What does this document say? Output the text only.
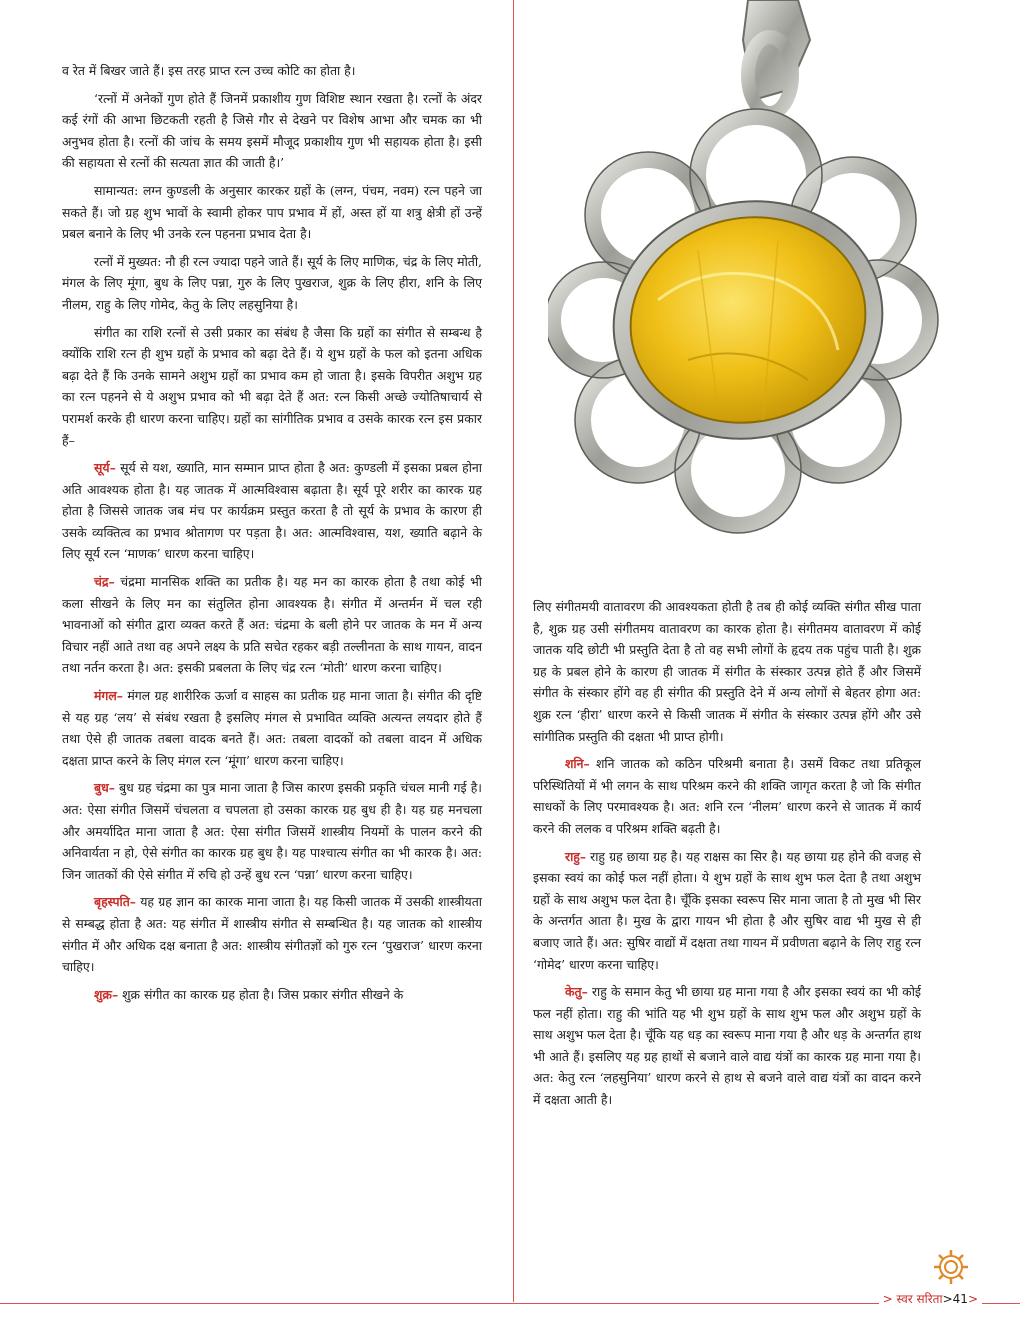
व रेत में बिखर जाते हैं। इस तरह प्राप्त रत्न उच्च कोटि का होता है।

‘रत्नों में अनेकों गुण होते हैं जिनमें प्रकाशीय गुण विशिष्ट स्थान रखता है। रत्नों के अंदर कई रंगों की आभा छिटकती रहती है जिसे गौर से देखने पर विशेष आभा और चमक का भी अनुभव होता है। रत्नों की जांच के समय इसमें मौजूद प्रकाशीय गुण भी सहायक होता है। इसी की सहायता से रत्नों की सत्यता ज्ञात की जाती है।’

सामान्यत: लग्न कुण्डली के अनुसार कारकर ग्रहों के (लग्न, पंचम, नवम) रत्न पहने जा सकते हैं। जो ग्रह शुभ भावों के स्वामी होकर पाप प्रभाव में हों, अस्त हों या शत्रु क्षेत्री हों उन्हें प्रबल बनाने के लिए भी उनके रत्न पहनना प्रभाव देता है।

रत्नों में मुख्यत: नौ ही रत्न ज्यादा पहने जाते हैं। सूर्य के लिए माणिक, चंद्र के लिए मोती, मंगल के लिए मूंगा, बुध के लिए पन्ना, गुरु के लिए पुखराज, शुक्र के लिए हीरा, शनि के लिए नीलम, राहु के लिए गोमेद, केतु के लिए लहसुनिया है।

संगीत का राशि रत्नों से उसी प्रकार का संबंध है जैसा कि ग्रहों का संगीत से सम्बन्ध है क्योंकि राशि रत्न ही शुभ ग्रहों के प्रभाव को बढ़ा देते हैं। ये शुभ ग्रहों के फल को इतना अधिक बढ़ा देते हैं कि उनके सामने अशुभ ग्रहों का प्रभाव कम हो जाता है। इसके विपरीत अशुभ ग्रह का रत्न पहनने से ये अशुभ प्रभाव को भी बढ़ा देते हैं अत: रत्न किसी अच्छे ज्योतिषाचार्य से परामर्श करके ही धारण करना चाहिए। ग्रहों का सांगीतिक प्रभाव व उसके कारक रत्न इस प्रकार हैं–

सूर्य– सूर्य से यश, ख्याति, मान सम्मान प्राप्त होता है अत: कुण्डली में इसका प्रबल होना अति आवश्यक होता है। यह जातक में आत्मविश्वास बढ़ाता है। सूर्य पूरे शरीर का कारक ग्रह होता है जिससे जातक जब मंच पर कार्यक्रम प्रस्तुत करता है तो सूर्य के प्रभाव के कारण ही उसके व्यक्तित्व का प्रभाव श्रोतागण पर पड़ता है। अत: आत्मविश्वास, यश, ख्याति बढ़ाने के लिए सूर्य रत्न ‘माणक’ धारण करना चाहिए।

चंद्र– चंद्रमा मानसिक शक्ति का प्रतीक है। यह मन का कारक होता है तथा कोई भी कला सीखने के लिए मन का संतुलित होना आवश्यक है। संगीत में अन्तर्मन में चल रही भावनाओं को संगीत द्वारा व्यक्त करते हैं अत: चंद्रमा के बली होने पर जातक के मन में अन्य विचार नहीं आते तथा वह अपने लक्ष्य के प्रति सचेत रहकर बड़ी तल्लीनता के साथ गायन, वादन तथा नर्तन करता है। अत: इसकी प्रबलता के लिए चंद्र रत्न ‘मोती’ धारण करना चाहिए।

मंगल– मंगल ग्रह शारीरिक ऊर्जा व साहस का प्रतीक ग्रह माना जाता है। संगीत की दृष्टि से यह ग्रह ‘लय’ से संबंध रखता है इसलिए मंगल से प्रभावित व्यक्ति अत्यन्त लयदार होते हैं तथा ऐसे ही जातक तबला वादक बनते हैं। अत: तबला वादकों को तबला वादन में अधिक दक्षता प्राप्त करने के लिए मंगल रत्न ‘मूंगा’ धारण करना चाहिए।

बुध– बुध ग्रह चंद्रमा का पुत्र माना जाता है जिस कारण इसकी प्रकृति चंचल मानी गई है। अत: ऐसा संगीत जिसमें चंचलता व चपलता हो उसका कारक ग्रह बुध ही है। यह ग्रह मनचला और अमर्यादित माना जाता है अत: ऐसा संगीत जिसमें शास्त्रीय नियमों के पालन करने की अनिवार्यता न हो, ऐसे संगीत का कारक ग्रह बुध है। यह पाश्चात्य संगीत का भी कारक है। अत: जिन जातकों की ऐसे संगीत में रुचि हो उन्हें बुध रत्न ‘पन्ना’ धारण करना चाहिए।

बृहस्पति– यह ग्रह ज्ञान का कारक माना जाता है। यह किसी जातक में उसकी शास्त्रीयता से सम्बद्ध होता है अत: यह संगीत में शास्त्रीय संगीत से सम्बन्धित है। यह जातक को शास्त्रीय संगीत में और अधिक दक्ष बनाता है अत: शास्त्रीय संगीतज्ञों को गुरु रत्न ‘पुखराज’ धारण करना चाहिए।

शुक्र– शुक्र संगीत का कारक ग्रह होता है। जिस प्रकार संगीत सीखने के

लिए संगीतमयी वातावरण की आवश्यकता होती है तब ही कोई व्यक्ति संगीत सीख पाता है, शुक्र ग्रह उसी संगीतमय वातावरण का कारक होता है। संगीतमय वातावरण में कोई जातक यदि छोटी भी प्रस्तुति देता है तो वह सभी लोगों के हृदय तक पहुंच पाती है। शुक्र ग्रह के प्रबल होने के कारण ही जातक में संगीत के संस्कार उत्पन्न होते हैं और जिसमें संगीत के संस्कार होंगे वह ही संगीत की प्रस्तुति देने में अन्य लोगों से बेहतर होगा अत: शुक्र रत्न ‘हीरा’ धारण करने से किसी जातक में संगीत के संस्कार उत्पन्न होंगे और उसे सांगीतिक प्रस्तुति की दक्षता भी प्राप्त होगी।

शनि– शनि जातक को कठिन परिश्रमी बनाता है। उसमें विकट तथा प्रतिकूल परिस्थितियों में भी लगन के साथ परिश्रम करने की शक्ति जागृत करता है जो कि संगीत साधकों के लिए परमावश्यक है। अत: शनि रत्न ‘नीलम’ धारण करने से जातक में कार्य करने की ललक व परिश्रम शक्ति बढ़ती है।

राहु– राहु ग्रह छाया ग्रह है। यह राक्षस का सिर है। यह छाया ग्रह होने की वजह से इसका स्वयं का कोई फल नहीं होता। ये शुभ ग्रहों के साथ शुभ फल देता है तथा अशुभ ग्रहों के साथ अशुभ फल देता है। चूँकि इसका स्वरूप सिर माना जाता है तो मुख भी सिर के अन्तर्गत आता है। मुख के द्वारा गायन भी होता है और सुषिर वाद्य भी मुख से ही बजाए जाते हैं। अत: सुषिर वाद्यों में दक्षता तथा गायन में प्रवीणता बढ़ाने के लिए राहु रत्न ‘गोमेद’ धारण करना चाहिए।

केतु– राहु के समान केतु भी छाया ग्रह माना गया है और इसका स्वयं का भी कोई फल नहीं होता। राहु की भांति यह भी शुभ ग्रहों के साथ शुभ फल और अशुभ ग्रहों के साथ अशुभ फल देता है। चूँकि यह धड़ का स्वरूप माना गया है और धड़ के अन्तर्गत हाथ भी आते हैं। इसलिए यह ग्रह हाथों से बजाने वाले वाद्य यंत्रों का कारक ग्रह माना गया है। अत: केतु रत्न ‘लहसुनिया’ धारण करने से हाथ से बजने वाले वाद्य यंत्रों का वादन करने में दक्षता आती है।

> स्वर सरिता>41>
